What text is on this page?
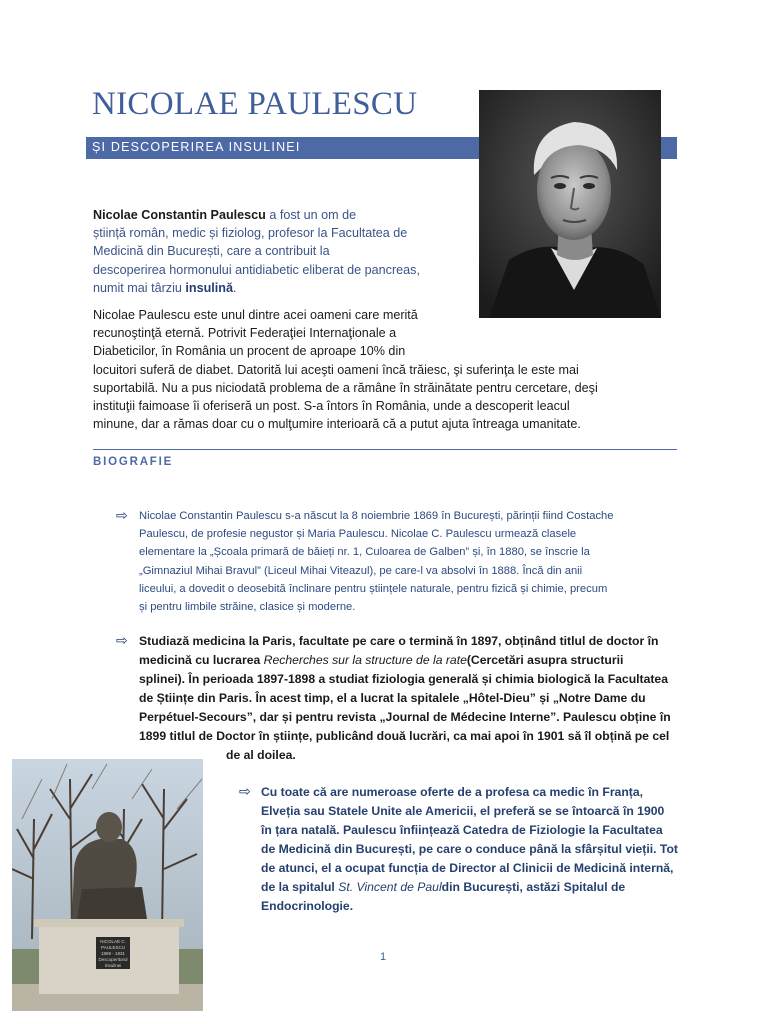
NICOLAE PAULESCU
ȘI DESCOPERIREA INSULINEI
Nicolae Constantin Paulescu a fost un om de
știință român, medic și fiziolog, profesor la Facultatea de
Medicină din București, care a contribuit la
descoperirea hormonului antidiabetic eliberat de pancreas,
numit mai târziu insulină.
Nicolae Paulescu este unul dintre acei oameni care merită
recunoştinţă eternă. Potrivit Federaţiei Internaţionale a
Diabeticilor, în România un procent de aproape 10% din
locuitori suferă de diabet. Datorită lui aceşti oameni încă trăiesc, şi suferinţa le este mai
suportabilă. Nu a pus niciodată problema de a rămâne în străinătate pentru cercetare, deşi
instituţii faimoase îi oferiseră un post. S-a întors în România, unde a descoperit leacul
minune, dar a rămas doar cu o mulţumire interioară că a putut ajuta întreaga umanitate.
BIOGRAFIE
⇨ Nicolae Constantin Paulescu s-a născut la 8 noiembrie 1869 în București, părinții fiind Costache
Paulescu, de profesie negustor și Maria Paulescu. Nicolae C. Paulescu urmează clasele
elementare la „Școala primară de băieți nr. 1, Culoarea de Galben” și, în 1880, se înscrie la
„Gimnaziul Mihai Bravul” (Liceul Mihai Viteazul), pe care-l va absolvi în 1888. Încă din anii
liceului, a dovedit o deosebită înclinare pentru științele naturale, pentru fizică și chimie, precum
și pentru limbile străine, clasice și moderne.
⇨ Studiază medicina la Paris, facultate pe care o termină în 1897, obținând titlul de doctor în
medicină cu lucrarea Recherches sur la structure de la rate(Cercetări asupra structurii
splinei). În perioada 1897-1898 a studiat fiziologia generală și chimia biologică la Facultatea
de Științe din Paris. În acest timp, el a lucrat la spitalele „Hôtel-Dieu” și „Notre Dame du
Perpétuel-Secours”, dar și pentru revista „Journal de Médecine Interne”. Paulescu obține în
1899 titlul de Doctor în științe, publicând două lucrări, ca mai apoi în 1901 să îl obțină pe cel
de al doilea.
⇨ Cu toate că are numeroase oferte de a profesa ca medic în Franța,
Elveția sau Statele Unite ale Americii, el preferă se se întoarcă în 1900
în țara natală. Paulescu înființează Catedra de Fiziologie la Facultatea
de Medicină din București, pe care o conduce până la sfârșitul vieții. Tot
de atunci, el a ocupat funcția de Director al Clinicii de Medicină internă,
de la spitalul St. Vincent de Pauldin București, astăzi Spitalul de
Endocrinologie.
NICOLAE C. PAULESCU
1869 - 1931
Descoperitorul
Insulinei
1
